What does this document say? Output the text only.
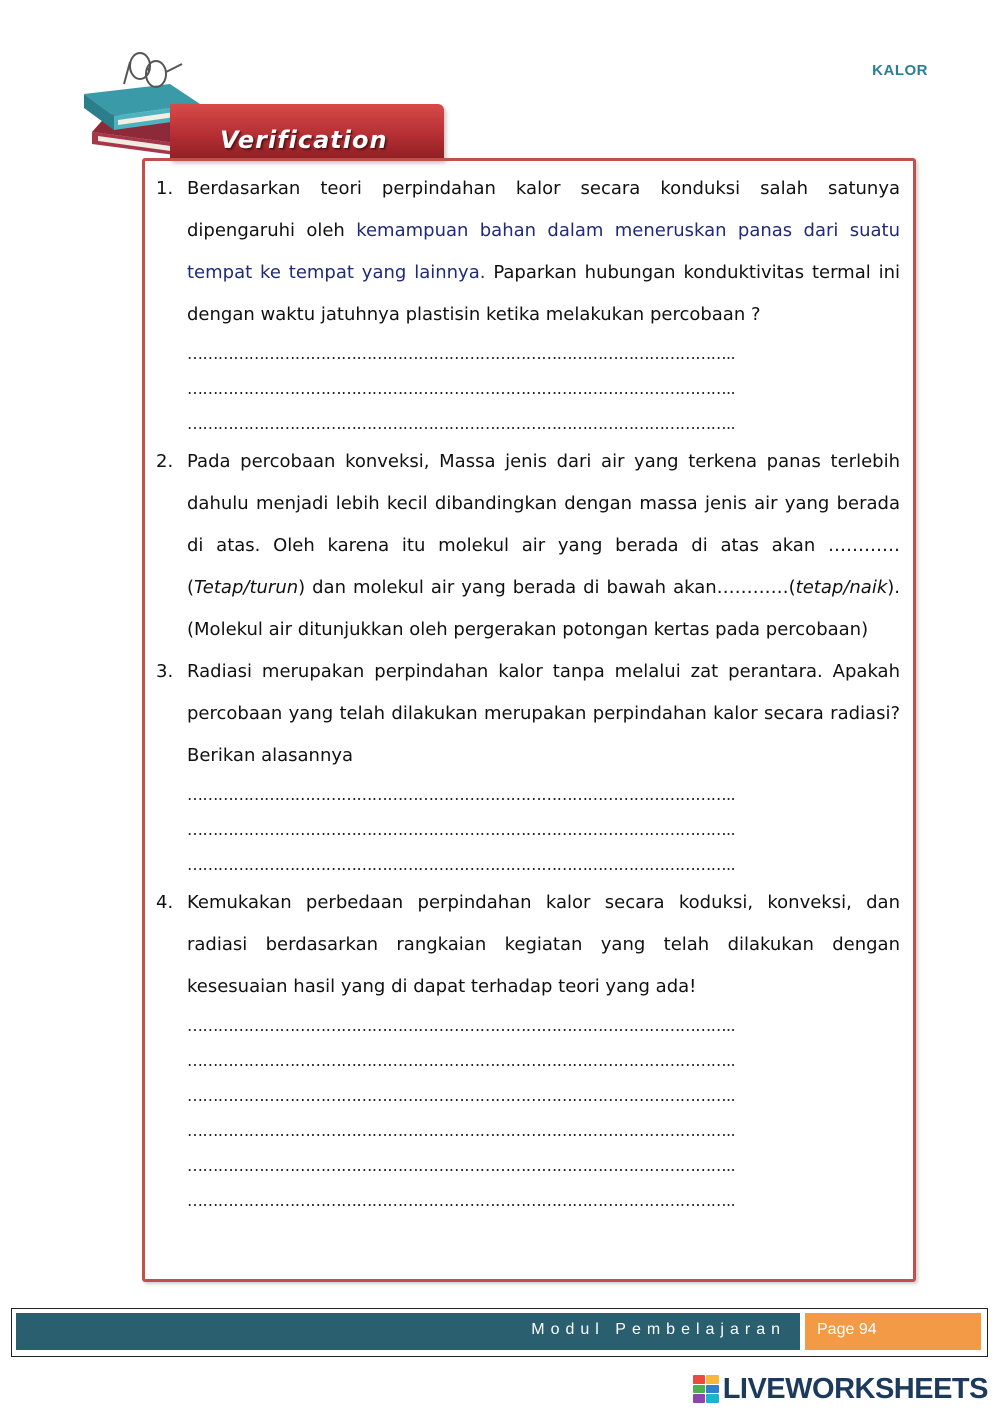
KALOR
Verification
1. Berdasarkan teori perpindahan kalor secara konduksi salah satunya dipengaruhi oleh kemampuan bahan dalam meneruskan panas dari suatu tempat ke tempat yang lainnya. Paparkan hubungan konduktivitas termal ini dengan waktu jatuhnya plastisin ketika melakukan percobaan ?
……………………………………………………………………………………………..
……………………………………………………………………………………………..
……………………………………………………………………………………………..
2. Pada percobaan konveksi, Massa jenis dari air yang terkena panas terlebih dahulu menjadi lebih kecil dibandingkan dengan massa jenis air yang berada di atas. Oleh karena itu molekul air yang berada di atas akan …………(Tetap/turun) dan molekul air yang berada di bawah akan…………(tetap/naik). (Molekul air ditunjukkan oleh pergerakan potongan kertas pada percobaan)
3. Radiasi merupakan perpindahan kalor tanpa melalui zat perantara. Apakah percobaan yang telah dilakukan merupakan perpindahan kalor secara radiasi? Berikan alasannya
……………………………………………………………………………………………..
……………………………………………………………………………………………..
……………………………………………………………………………………………..
4. Kemukakan perbedaan perpindahan kalor secara koduksi, konveksi, dan radiasi berdasarkan rangkaian kegiatan yang telah dilakukan dengan kesesuaian hasil yang di dapat terhadap teori yang ada!
……………………………………………………………………………………………..
……………………………………………………………………………………………..
……………………………………………………………………………………………..
……………………………………………………………………………………………..
……………………………………………………………………………………………..
……………………………………………………………………………………………..
Modul Pembelajaran Page 94
LIVEWORKSHEETS
